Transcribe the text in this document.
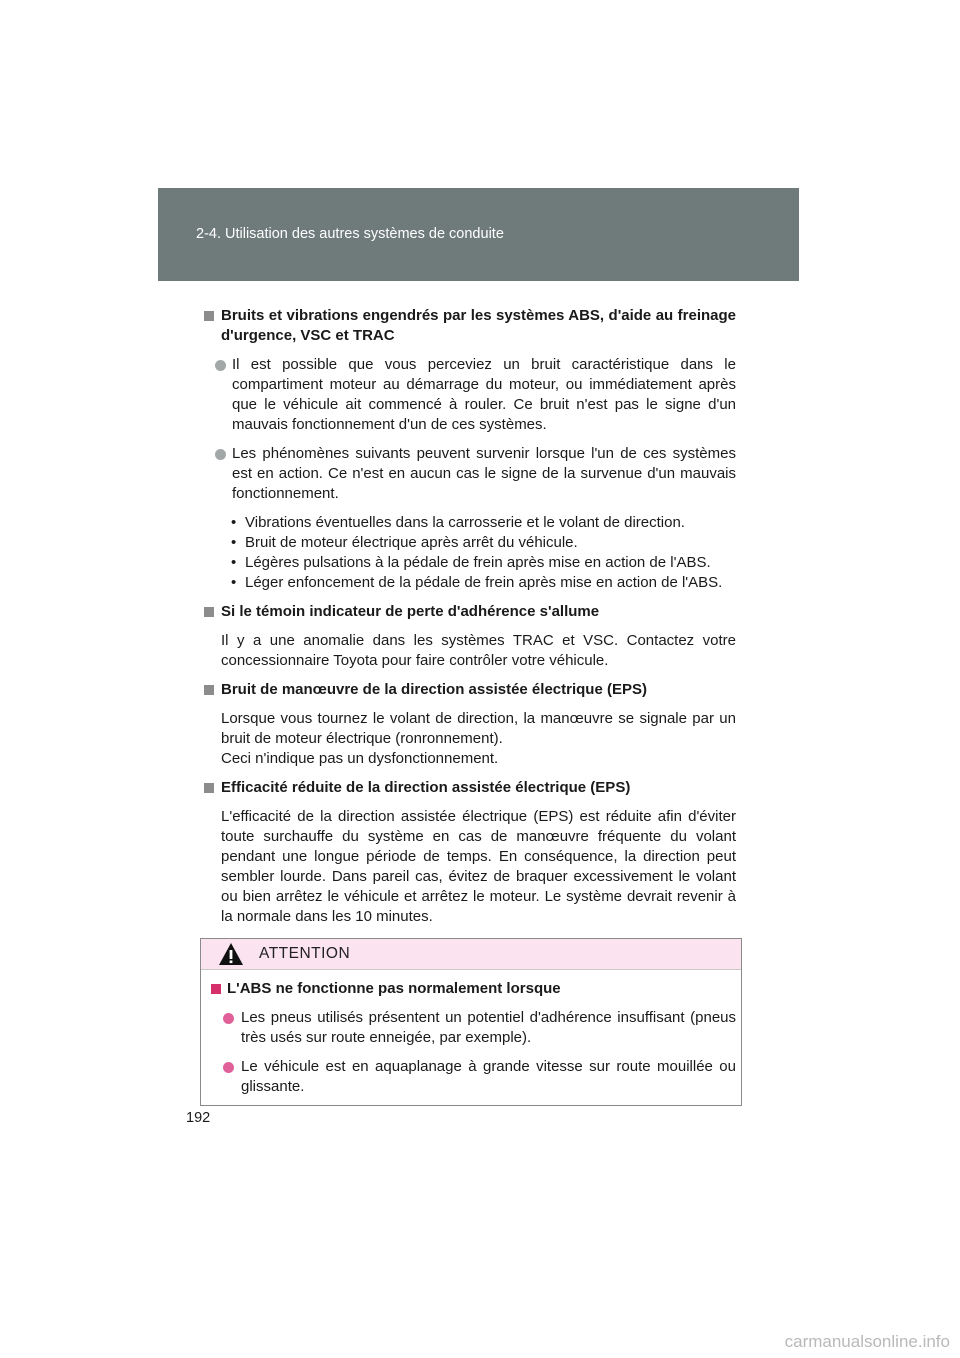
2-4. Utilisation des autres systèmes de conduite
Bruits et vibrations engendrés par les systèmes ABS, d'aide au freinage d'urgence, VSC et TRAC
Il est possible que vous perceviez un bruit caractéristique dans le compartiment moteur au démarrage du moteur, ou immédiatement après que le véhicule ait commencé à rouler. Ce bruit n'est pas le signe d'un mauvais fonctionnement d'un de ces systèmes.
Les phénomènes suivants peuvent survenir lorsque l'un de ces systèmes est en action. Ce n'est en aucun cas le signe de la survenue d'un mauvais fonctionnement.
• Vibrations éventuelles dans la carrosserie et le volant de direction.
• Bruit de moteur électrique après arrêt du véhicule.
• Légères pulsations à la pédale de frein après mise en action de l'ABS.
• Léger enfoncement de la pédale de frein après mise en action de l'ABS.
Si le témoin indicateur de perte d'adhérence s'allume
Il y a une anomalie dans les systèmes TRAC et VSC. Contactez votre concessionnaire Toyota pour faire contrôler votre véhicule.
Bruit de manœuvre de la direction assistée électrique (EPS)
Lorsque vous tournez le volant de direction, la manœuvre se signale par un bruit de moteur électrique (ronronnement).
Ceci n'indique pas un dysfonctionnement.
Efficacité réduite de la direction assistée électrique (EPS)
L'efficacité de la direction assistée électrique (EPS) est réduite afin d'éviter toute surchauffe du système en cas de manœuvre fréquente du volant pendant une longue période de temps. En conséquence, la direction peut sembler lourde. Dans pareil cas, évitez de braquer excessivement le volant ou bien arrêtez le véhicule et arrêtez le moteur. Le système devrait revenir à la normale dans les 10 minutes.
ATTENTION
L'ABS ne fonctionne pas normalement lorsque
Les pneus utilisés présentent un potentiel d'adhérence insuffisant (pneus très usés sur route enneigée, par exemple).
Le véhicule est en aquaplanage à grande vitesse sur route mouillée ou glissante.
192
carmanualsonline.info
